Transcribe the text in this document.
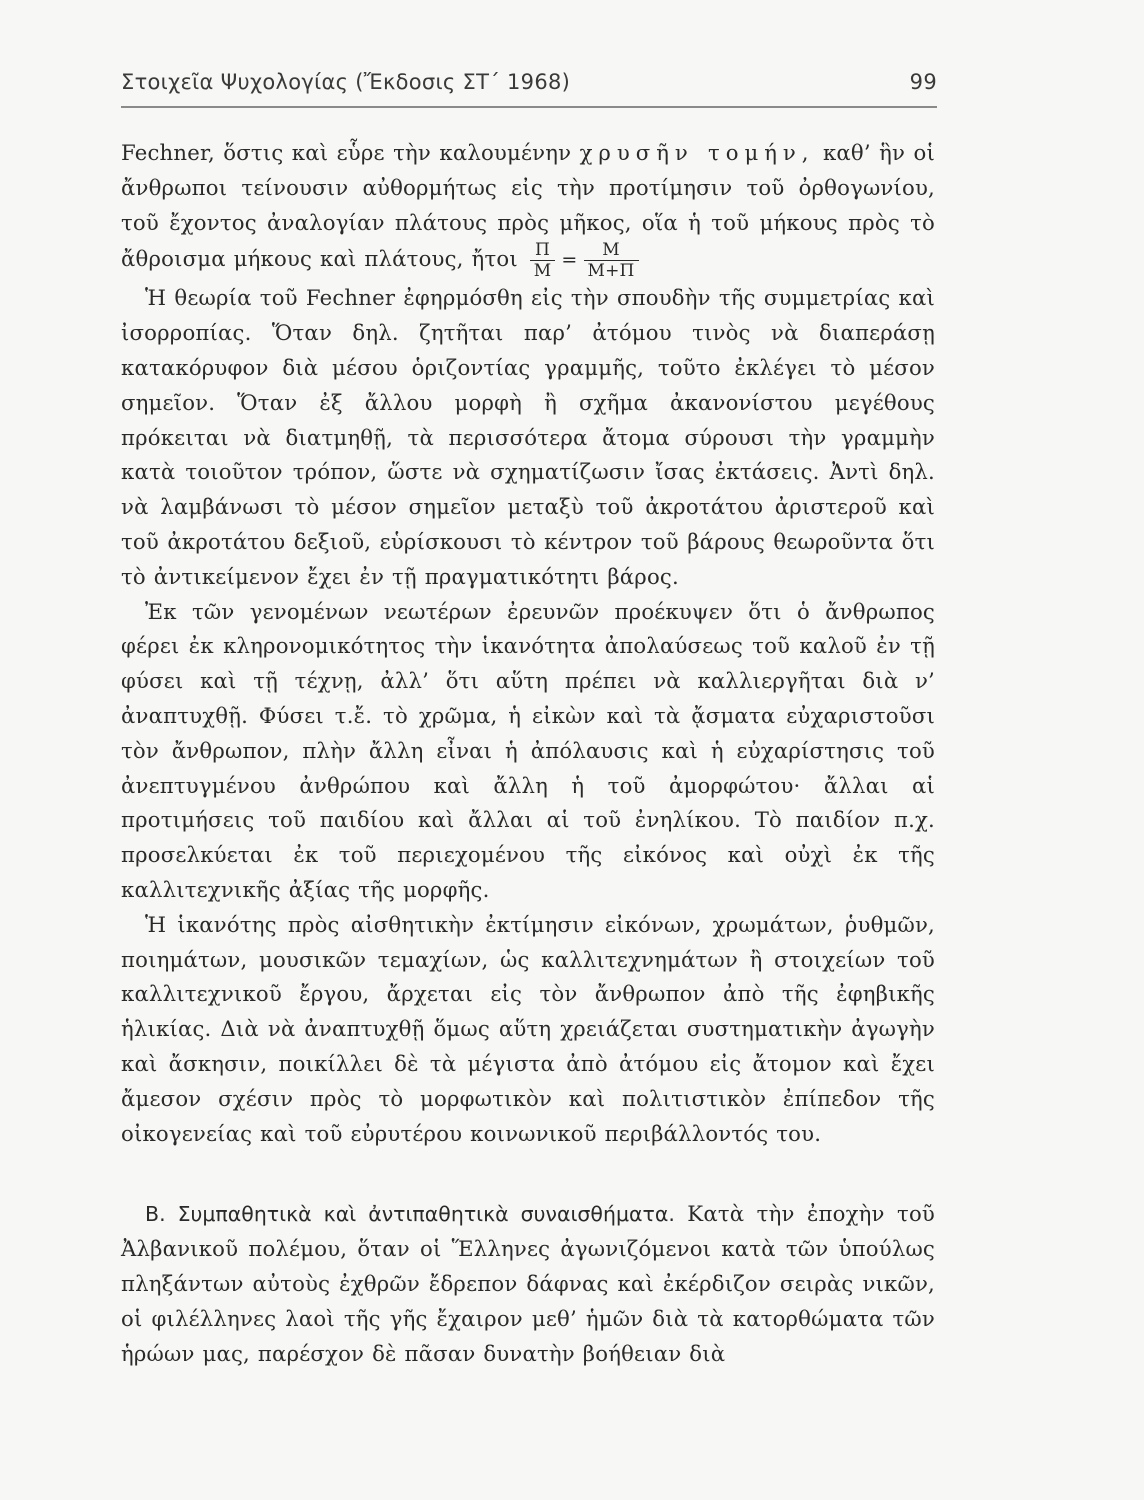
Στοιχεῖα Ψυχολογίας (Ἔκδοσις ΣΤ΄ 1968)	99

Fechner, ὅστις καὶ εὗρε τὴν καλουμένην χρυσῆν τομήν, καθ’ ἣν οἱ ἄνθρωποι τείνουσιν αὐθορμήτως εἰς τὴν προτίμησιν τοῦ ὀρθογωνίου, τοῦ ἔχοντος ἀναλογίαν πλάτους πρὸς μῆκος, οἵα ἡ τοῦ μήκους πρὸς τὸ ἄθροισμα μήκους καὶ πλάτους, ἤτοι $\frac{\Pi}{M} = \frac{M}{M+\Pi}$

Ἡ θεωρία τοῦ Fechner ἐφηρμόσθη εἰς τὴν σπουδὴν τῆς συμμετρίας καὶ ἰσορροπίας. Ὅταν δηλ. ζητῆται παρ’ ἀτόμου τινὸς νὰ διαπεράσῃ κατακόρυφον διὰ μέσου ὁριζοντίας γραμμῆς, τοῦτο ἐκλέγει τὸ μέσον σημεῖον. Ὅταν ἐξ ἄλλου μορφὴ ἢ σχῆμα ἀκανονίστου μεγέθους πρόκειται νὰ διατμηθῇ, τὰ περισσότερα ἄτομα σύρουσι τὴν γραμμὴν κατὰ τοιοῦτον τρόπον, ὥστε νὰ σχηματίζωσιν ἴσας ἐκτάσεις. Ἀντὶ δηλ. νὰ λαμβάνωσι τὸ μέσον σημεῖον μεταξὺ τοῦ ἀκροτάτου ἀριστεροῦ καὶ τοῦ ἀκροτάτου δεξιοῦ, εὑρίσκουσι τὸ κέντρον τοῦ βάρους θεωροῦντα ὅτι τὸ ἀντικείμενον ἔχει ἐν τῇ πραγματικότητι βάρος.

Ἐκ τῶν γενομένων νεωτέρων ἐρευνῶν προέκυψεν ὅτι ὁ ἄνθρωπος φέρει ἐκ κληρονομικότητος τὴν ἱκανότητα ἀπολαύσεως τοῦ καλοῦ ἐν τῇ φύσει καὶ τῇ τέχνῃ, ἀλλ’ ὅτι αὕτη πρέπει νὰ καλλιεργῆται διὰ ν’ ἀναπτυχθῇ. Φύσει τ.ἔ. τὸ χρῶμα, ἡ εἰκὼν καὶ τὰ ᾄσματα εὐχαριστοῦσι τὸν ἄνθρωπον, πλὴν ἄλλη εἶναι ἡ ἀπόλαυσις καὶ ἡ εὐχαρίστησις τοῦ ἀνεπτυγμένου ἀνθρώπου καὶ ἄλλη ἡ τοῦ ἀμορφώτου· ἄλλαι αἱ προτιμήσεις τοῦ παιδίου καὶ ἄλλαι αἱ τοῦ ἐνηλίκου. Τὸ παιδίον π.χ. προσελκύεται ἐκ τοῦ περιεχομένου τῆς εἰκόνος καὶ οὐχὶ ἐκ τῆς καλλιτεχνικῆς ἀξίας τῆς μορφῆς.

Ἡ ἱκανότης πρὸς αἰσθητικὴν ἐκτίμησιν εἰκόνων, χρωμάτων, ῥυθμῶν, ποιημάτων, μουσικῶν τεμαχίων, ὡς καλλιτεχνημάτων ἢ στοιχείων τοῦ καλλιτεχνικοῦ ἔργου, ἄρχεται εἰς τὸν ἄνθρωπον ἀπὸ τῆς ἐφηβικῆς ἡλικίας. Διὰ νὰ ἀναπτυχθῇ ὅμως αὕτη χρειάζεται συστηματικὴν ἀγωγὴν καὶ ἄσκησιν, ποικίλλει δὲ τὰ μέγιστα ἀπὸ ἀτόμου εἰς ἄτομον καὶ ἔχει ἄμεσον σχέσιν πρὸς τὸ μορφωτικὸν καὶ πολιτιστικὸν ἐπίπεδον τῆς οἰκογενείας καὶ τοῦ εὐρυτέρου κοινωνικοῦ περιβάλλοντός του.

Β. Συμπαθητικὰ καὶ ἀντιπαθητικὰ συναισθήματα. Κατὰ τὴν ἐποχὴν τοῦ Ἀλβανικοῦ πολέμου, ὅταν οἱ Ἕλληνες ἀγωνιζόμενοι κατὰ τῶν ὑπούλως πληξάντων αὐτοὺς ἐχθρῶν ἔδρεπον δάφνας καὶ ἐκέρδιζον σειρὰς νικῶν, οἱ φιλέλληνες λαοὶ τῆς γῆς ἔχαιρον μεθ’ ἡμῶν διὰ τὰ κατορθώματα τῶν ἡρώων μας, παρέσχον δὲ πᾶσαν δυνατὴν βοήθειαν διὰ
